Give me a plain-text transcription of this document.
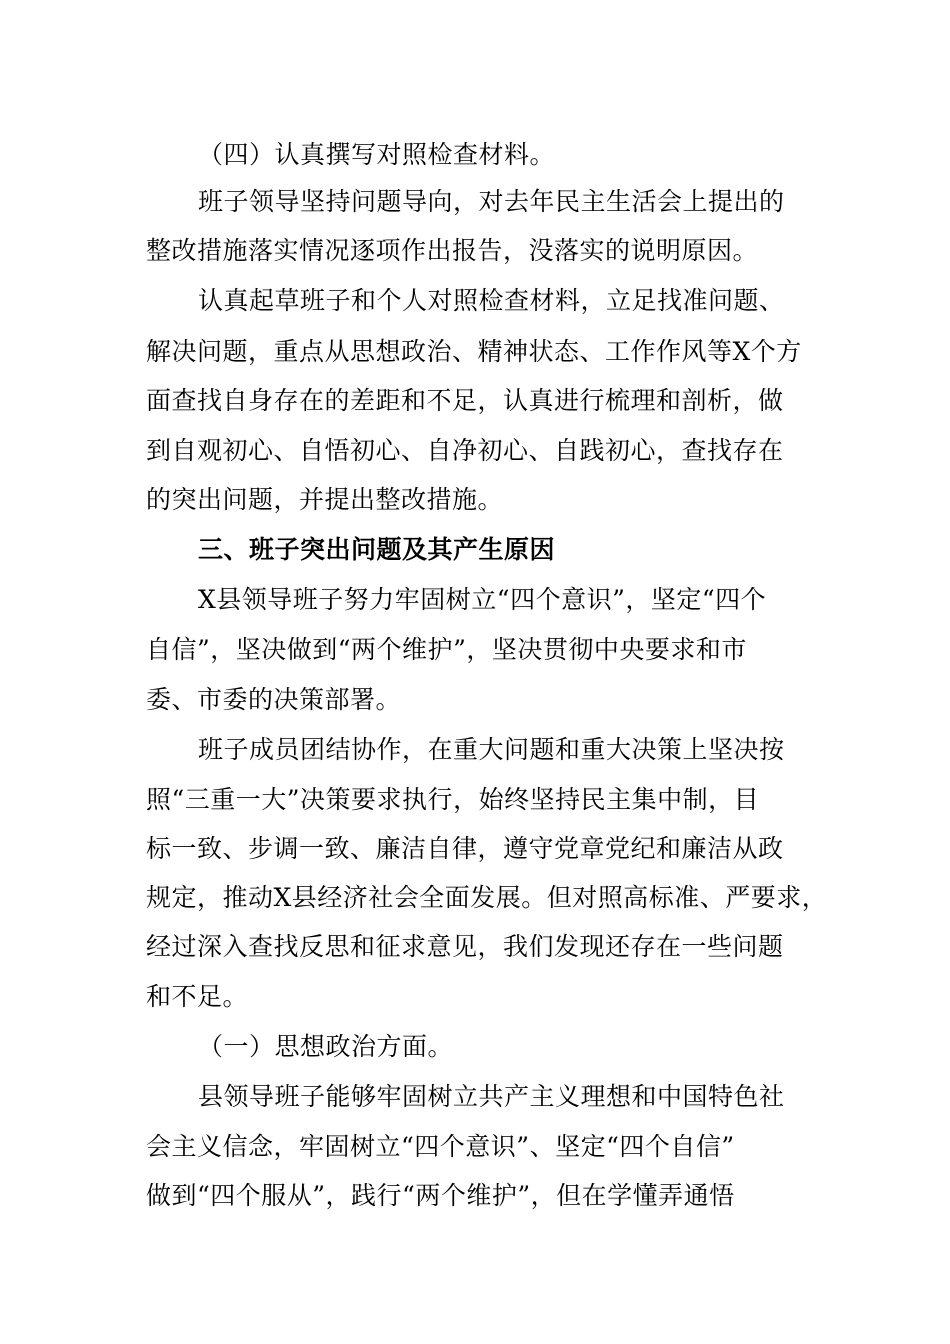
（四）认真撰写对照检查材料。
班子领导坚持问题导向，对去年民主生活会上提出的
整改措施落实情况逐项作出报告，没落实的说明原因。
认真起草班子和个人对照检查材料，立足找准问题、
解决问题，重点从思想政治、精神状态、工作作风等X个方
面查找自身存在的差距和不足，认真进行梳理和剖析，做
到自观初心、自悟初心、自净初心、自践初心，查找存在
的突出问题，并提出整改措施。
三、班子突出问题及其产生原因
X县领导班子努力牢固树立“四个意识”，坚定“四个
自信”，坚决做到“两个维护”，坚决贯彻中央要求和市
委、市委的决策部署。
班子成员团结协作，在重大问题和重大决策上坚决按
照“三重一大”决策要求执行，始终坚持民主集中制，目
标一致、步调一致、廉洁自律，遵守党章党纪和廉洁从政
规定，推动X县经济社会全面发展。但对照高标准、严要求，
经过深入查找反思和征求意见，我们发现还存在一些问题
和不足。
（一）思想政治方面。
县领导班子能够牢固树立共产主义理想和中国特色社
会主义信念，牢固树立“四个意识”、坚定“四个自信”
做到“四个服从”，践行“两个维护”，但在学懂弄通悟
